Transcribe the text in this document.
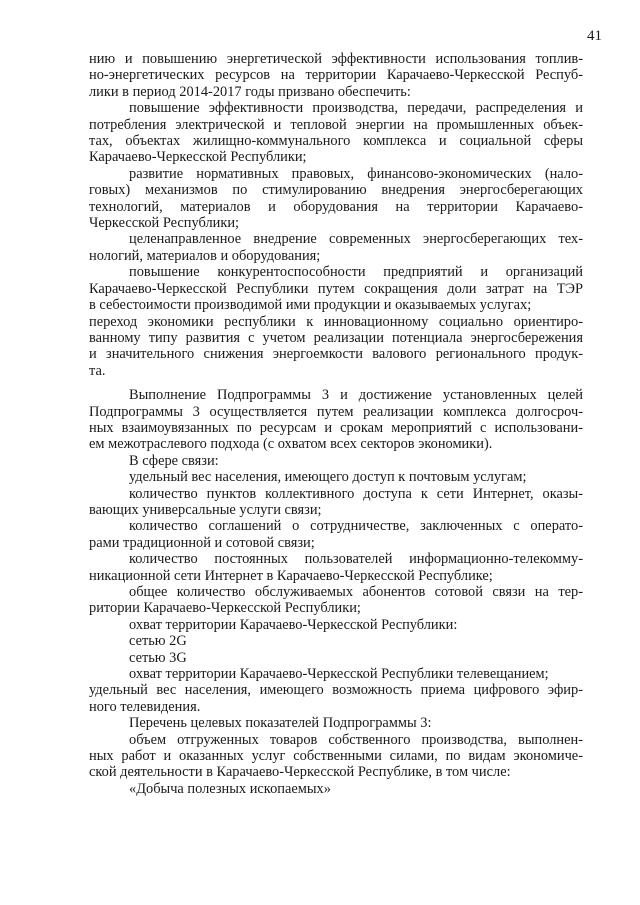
41

нию и повышению энергетической эффективности использования топлив-
но-энергетических ресурсов на территории Карачаево-Черкесской Респуб-
лики в период 2014-2017 годы призвано обеспечить:

повышение эффективности производства, передачи, распределения и
потребления электрической и тепловой энергии на промышленных объек-
тах, объектах жилищно-коммунального комплекса и социальной сферы
Карачаево-Черкесской Республики;

развитие нормативных правовых, финансово-экономических (нало-
говых) механизмов по стимулированию внедрения энергосберегающих
технологий, материалов и оборудования на территории Карачаево-
Черкесской Республики;

целенаправленное внедрение современных энергосберегающих тех-
нологий, материалов и оборудования;

повышение конкурентоспособности предприятий и организаций
Карачаево-Черкесской Республики путем сокращения доли затрат на ТЭР
в себестоимости производимой ими продукции и оказываемых услугах;

переход экономики республики к инновационному социально ориентиро-
ванному типу развития с учетом реализации потенциала энергосбережения
и значительного снижения энергоемкости валового регионального продук-
та.

Выполнение Подпрограммы 3 и достижение установленных целей
Подпрограммы 3 осуществляется путем реализации комплекса долгосроч-
ных взаимоувязанных по ресурсам и срокам мероприятий с использовани-
ем межотраслевого подхода (с охватом всех секторов экономики).

В сфере связи:

удельный вес населения, имеющего доступ к почтовым услугам;

количество пунктов коллективного доступа к сети Интернет, оказы-
вающих универсальные услуги связи;

количество соглашений о сотрудничестве, заключенных с операто-
рами традиционной и сотовой связи;

количество постоянных пользователей информационно-телекомму-
никационной сети Интернет в Карачаево-Черкесской Республике;

общее количество обслуживаемых абонентов сотовой связи на тер-
ритории Карачаево-Черкесской Республики;

охват территории Карачаево-Черкесской Республики:

сетью 2G

сетью 3G

охват территории Карачаево-Черкесской Республики телевещанием;

удельный вес населения, имеющего возможность приема цифрового эфир-
ного телевидения.

Перечень целевых показателей Подпрограммы 3:

объем отгруженных товаров собственного производства, выполнен-
ных работ и оказанных услуг собственными силами, по видам экономиче-
ской деятельности в Карачаево-Черкесской Республике, в том числе:

«Добыча полезных ископаемых»
